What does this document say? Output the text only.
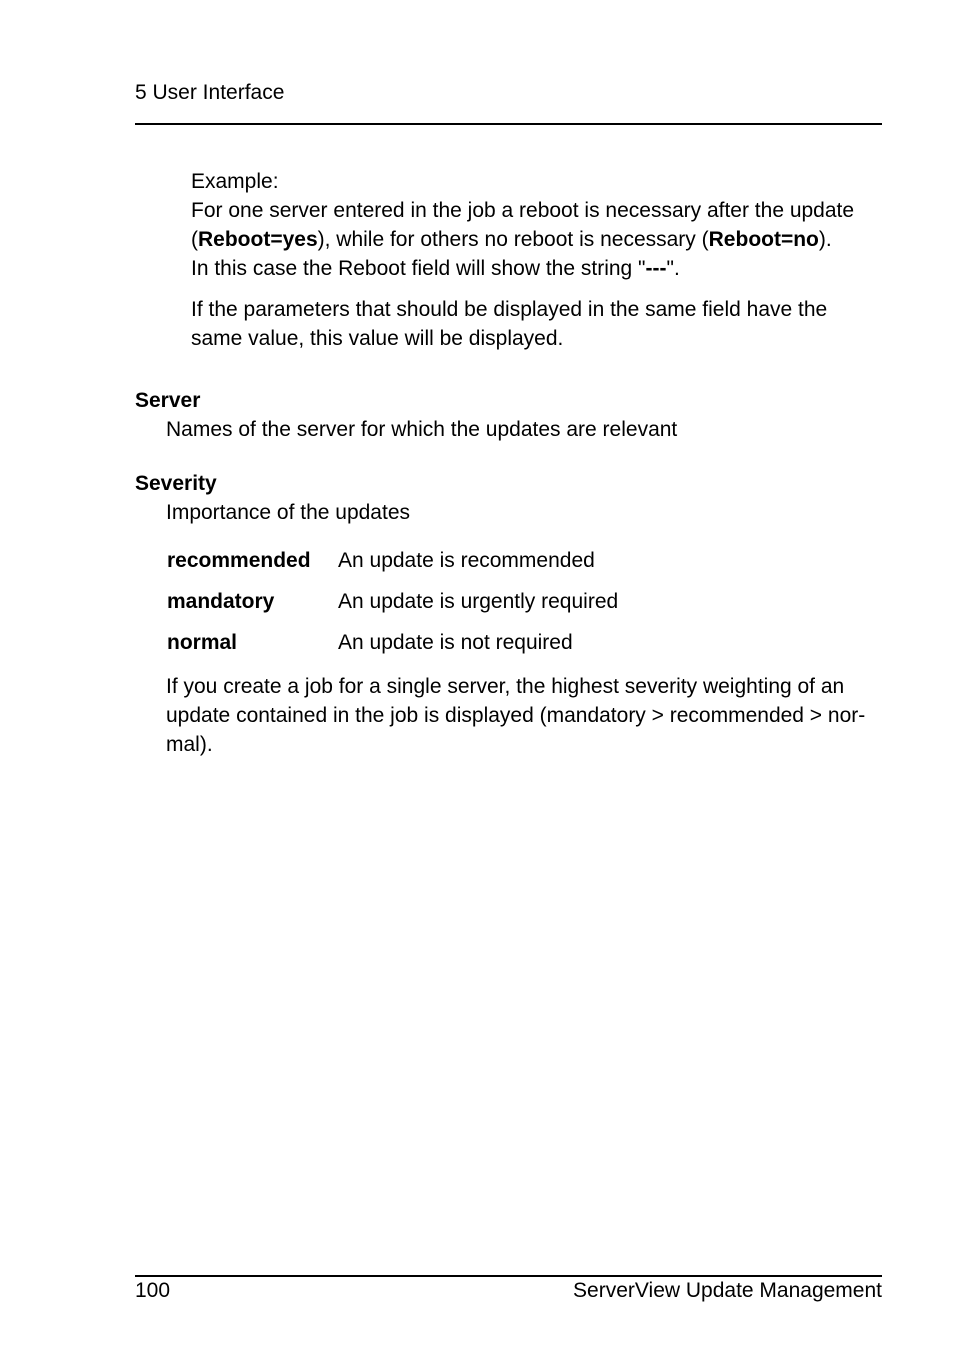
5 User Interface

Example:

For one server entered in the job a reboot is necessary after the update

(Reboot=yes), while for others no reboot is necessary (Reboot=no).

In this case the Reboot field will show the string "---".

If the parameters that should be displayed in the same field have the

same value, this value will be displayed.

Server
Names of the server for which the updates are relevant
Severity
Importance of the updates
recommended	An update is recommended
mandatory	An update is urgently required
normal	An update is not required

If you create a job for a single server, the highest severity weighting of an

update contained in the job is displayed (mandatory > recommended > nor-

mal).

100	ServerView Update Management
